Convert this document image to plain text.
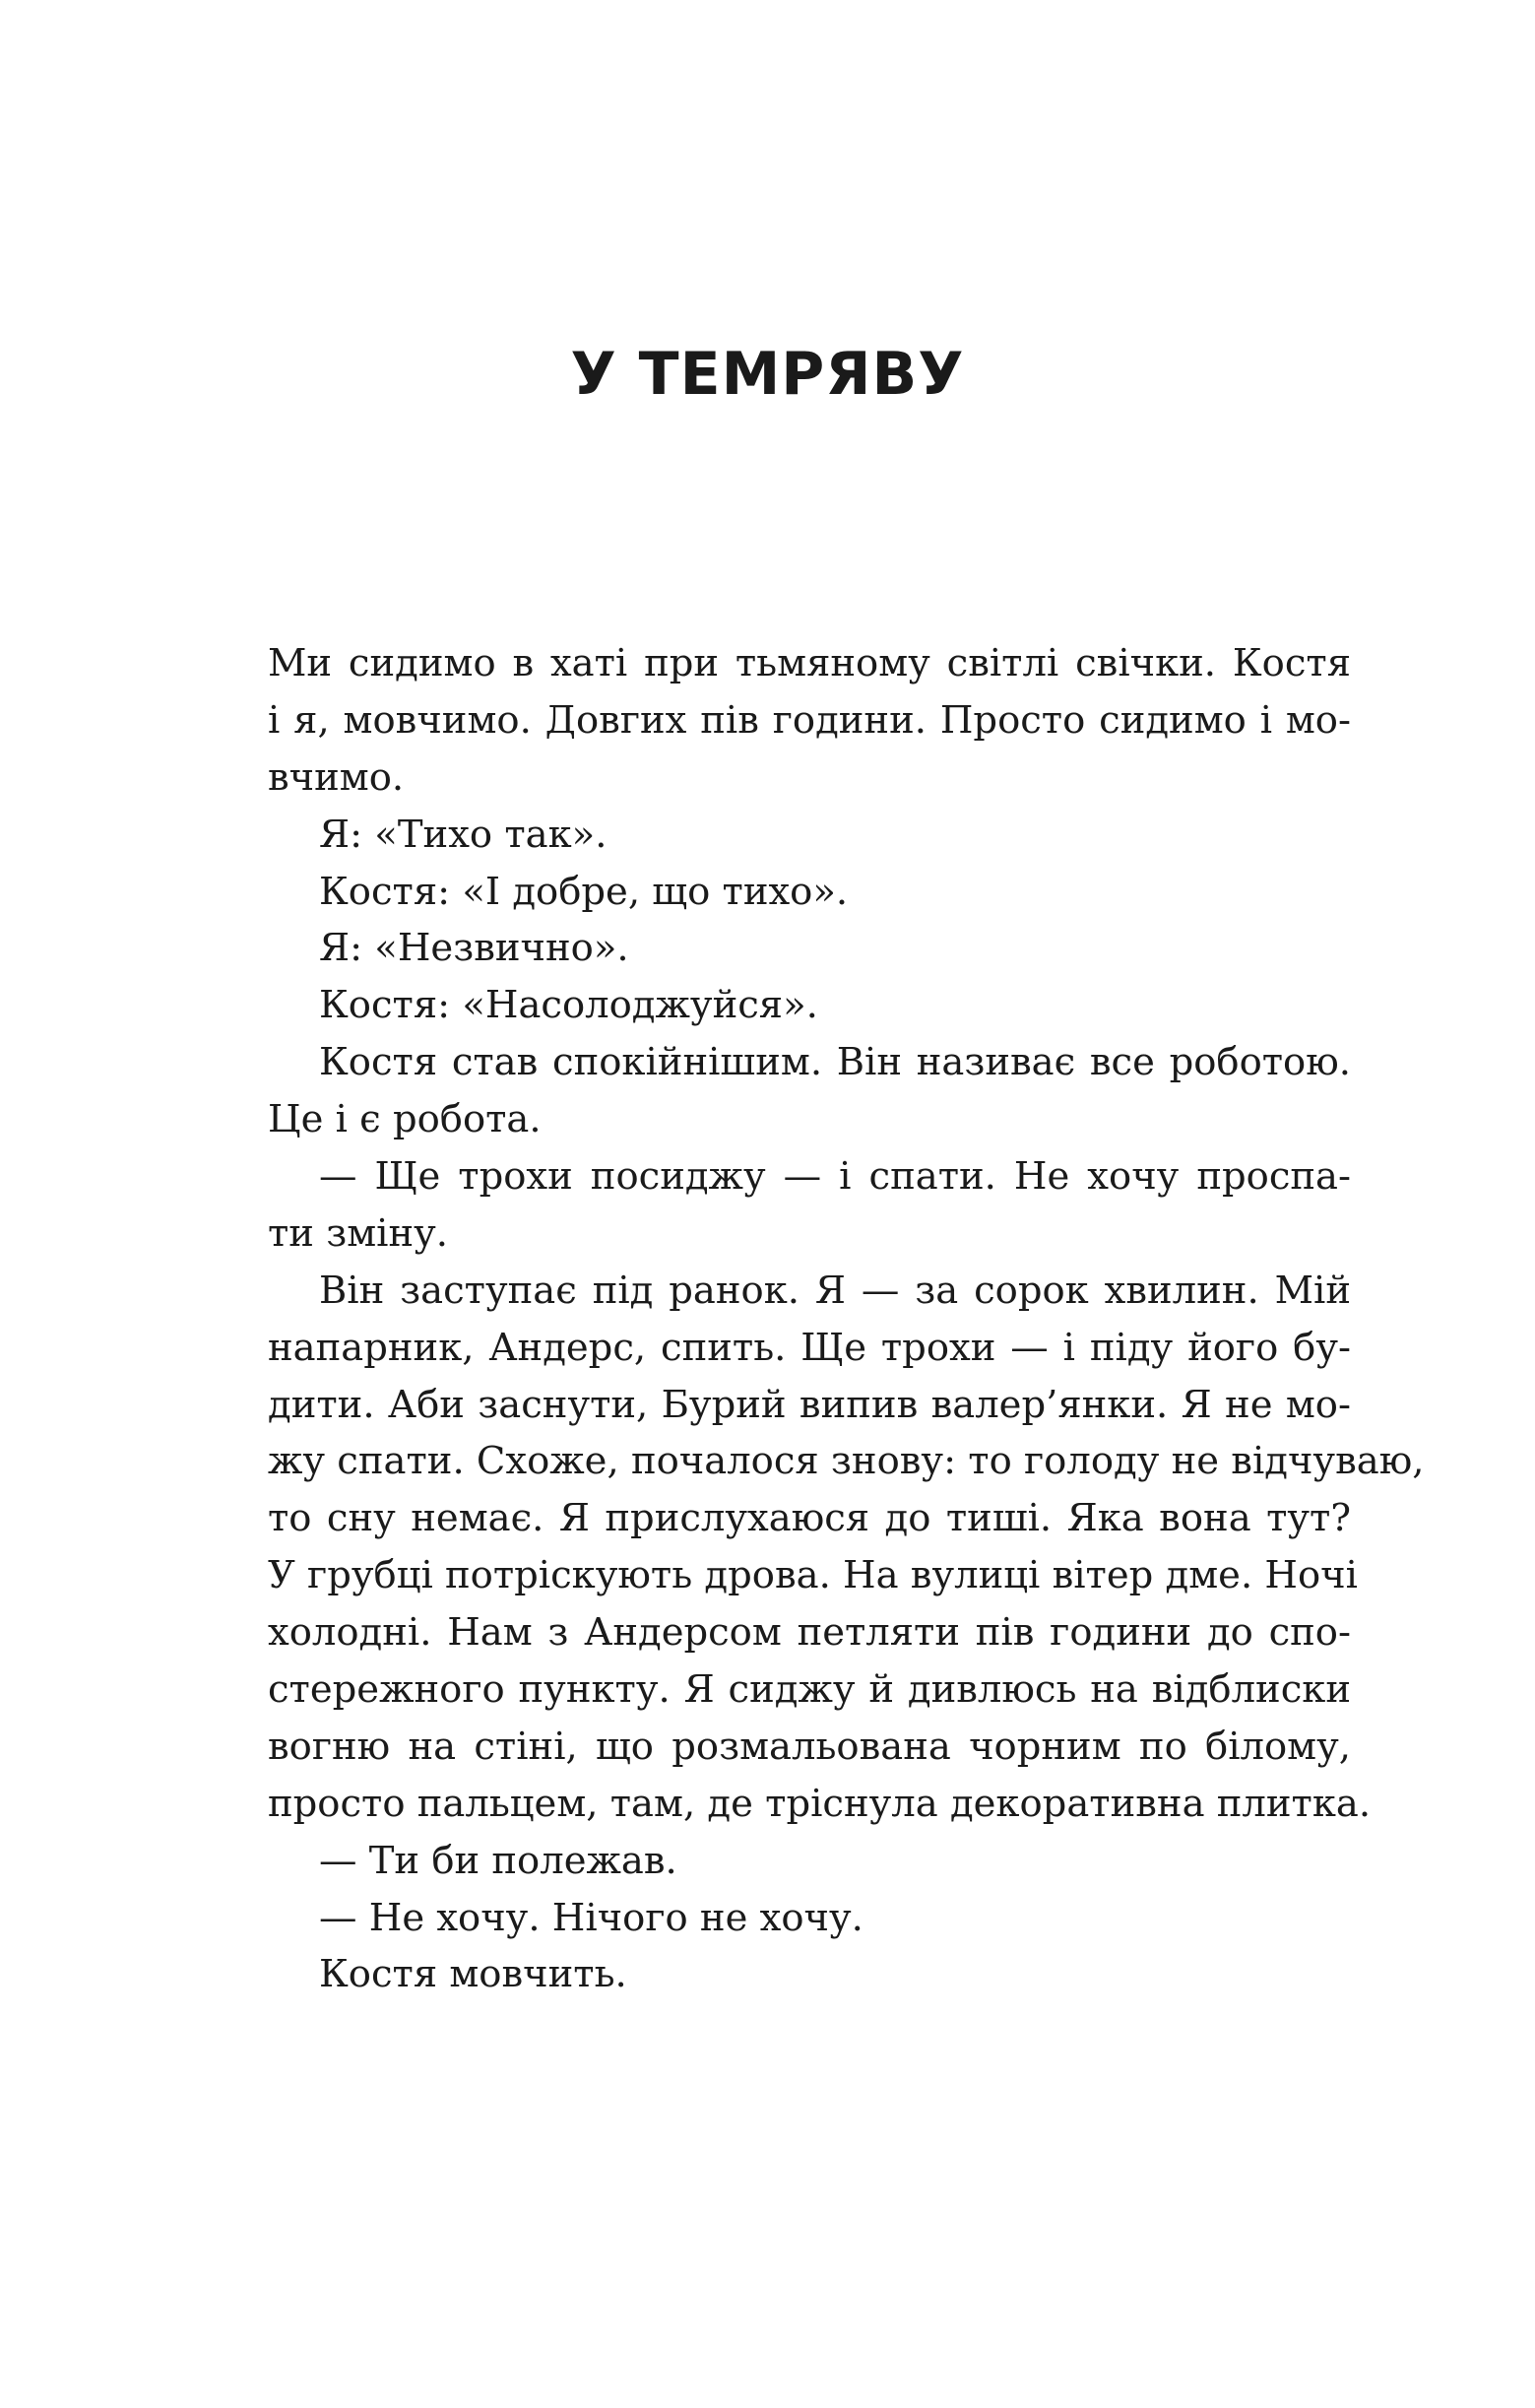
У ТЕМРЯВУ
Ми сидимо в хаті при тьмяному світлі свічки. Костя
і я, мовчимо. Довгих пів години. Просто сидимо і мо-
вчимо.
Я: «Тихо так».
Костя: «І добре, що тихо».
Я: «Незвично».
Костя: «Насолоджуйся».
Костя став спокійнішим. Він називає все роботою.
Це і є робота.
— Ще трохи посиджу — і спати. Не хочу проспа-
ти зміну.
Він заступає під ранок. Я — за сорок хвилин. Мій
напарник, Андерс, спить. Ще трохи — і піду його бу-
дити. Аби заснути, Бурий випив валер’янки. Я не мо-
жу спати. Схоже, почалося знову: то голоду не відчуваю,
то сну немає. Я прислухаюся до тиші. Яка вона тут?
У грубці потріскують дрова. На вулиці вітер дме. Ночі
холодні. Нам з Андерсом петляти пів години до спо-
стережного пункту. Я сиджу й дивлюсь на відблиски
вогню на стіні, що розмальована чорним по білому,
просто пальцем, там, де тріснула декоративна плитка.
— Ти би полежав.
— Не хочу. Нічого не хочу.
Костя мовчить.
